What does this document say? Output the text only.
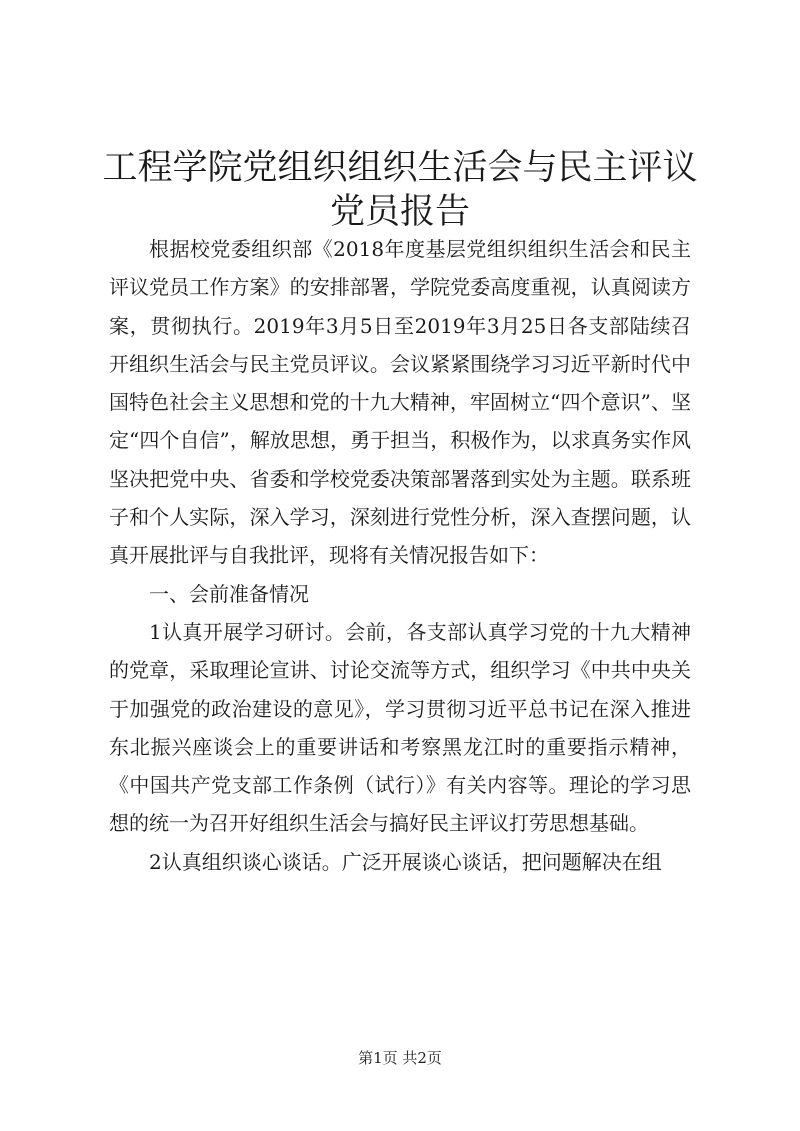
工程学院党组织组织生活会与民主评议党员报告

根据校党委组织部《2018年度基层党组织组织生活会和民主评议党员工作方案》的安排部署，学院党委高度重视，认真阅读方案，贯彻执行。2019年3月5日至2019年3月25日各支部陆续召开组织生活会与民主党员评议。会议紧紧围绕学习习近平新时代中国特色社会主义思想和党的十九大精神，牢固树立“四个意识”、坚定“四个自信”，解放思想，勇于担当，积极作为，以求真务实作风坚决把党中央、省委和学校党委决策部署落到实处为主题。联系班子和个人实际，深入学习，深刻进行党性分析，深入查摆问题，认真开展批评与自我批评，现将有关情况报告如下：

一、会前准备情况

1认真开展学习研讨。会前，各支部认真学习党的十九大精神的党章，采取理论宣讲、讨论交流等方式，组织学习《中共中央关于加强党的政治建设的意见》，学习贯彻习近平总书记在深入推进东北振兴座谈会上的重要讲话和考察黑龙江时的重要指示精神，《中国共产党支部工作条例（试行）》有关内容等。理论的学习思想的统一为召开好组织生活会与搞好民主评议打劳思想基础。

2认真组织谈心谈话。广泛开展谈心谈话，把问题解决在组

第1页 共2页
